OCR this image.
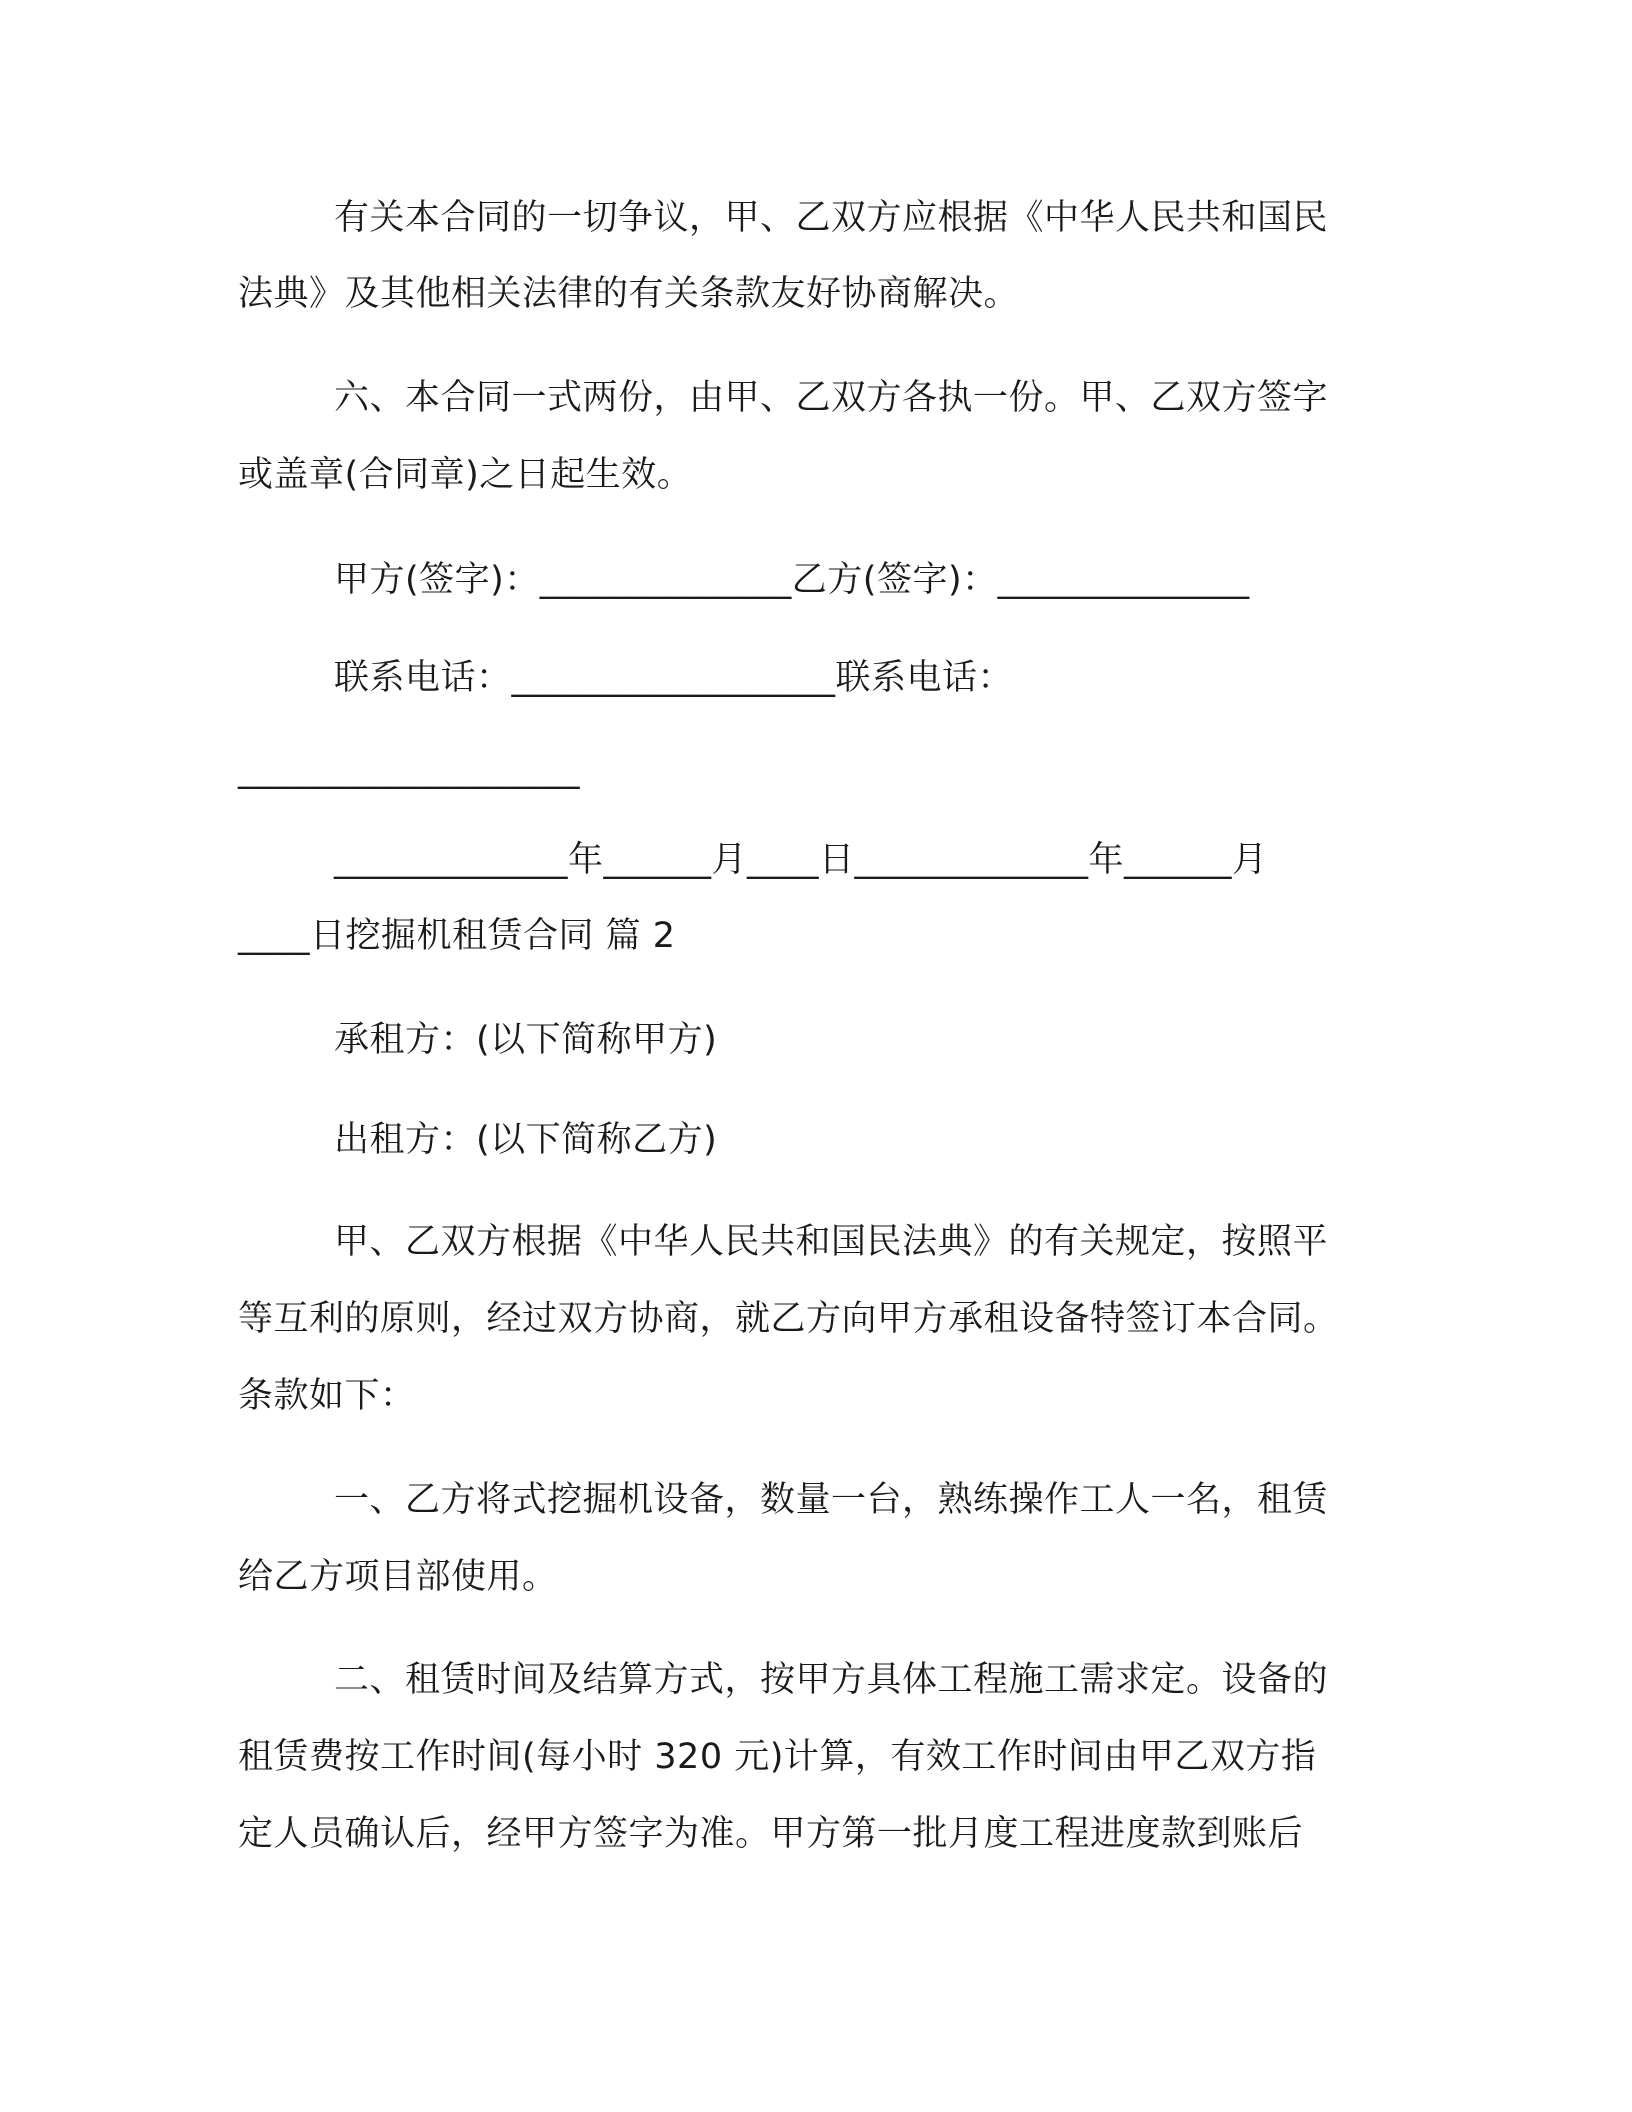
有关本合同的一切争议，甲、乙双方应根据《中华人民共和国民
法典》及其他相关法律的有关条款友好协商解决。
六、本合同一式两份，由甲、乙双方各执一份。甲、乙双方签字
或盖章(合同章)之日起生效。
甲方(签字)：______________乙方(签字)：______________
联系电话：__________________联系电话：
___________________
_____________年______月____日_____________年______月
____日挖掘机租赁合同 篇 2
承租方：(以下简称甲方)
出租方：(以下简称乙方)
甲、乙双方根据《中华人民共和国民法典》的有关规定，按照平
等互利的原则，经过双方协商，就乙方向甲方承租设备特签订本合同。
条款如下：
一、乙方将式挖掘机设备，数量一台，熟练操作工人一名，租赁
给乙方项目部使用。
二、租赁时间及结算方式，按甲方具体工程施工需求定。设备的
租赁费按工作时间(每小时 320 元)计算，有效工作时间由甲乙双方指
定人员确认后，经甲方签字为准。甲方第一批月度工程进度款到账后
